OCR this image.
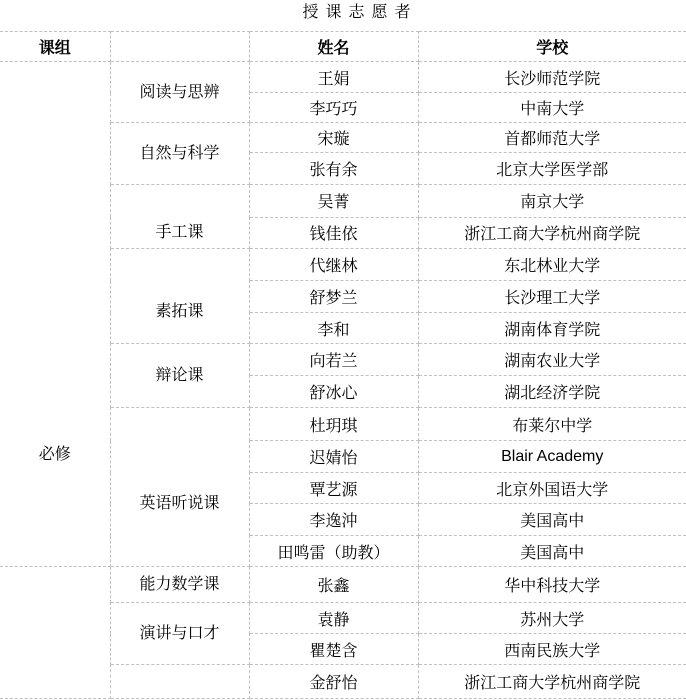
授课志愿者
课组		姓名	学校

必修	阅读与思辨	王娟	长沙师范学院
		李巧巧	中南大学

	自然与科学	宋璇	首都师范大学
		张有余	北京大学医学部

	手工课	吴菁	南京大学
		钱佳依	浙江工商大学杭州商学院

	素拓课	代继林	东北林业大学
		舒梦兰	长沙理工大学
		李和	湖南体育学院

	辩论课	向若兰	湖南农业大学
		舒冰心	湖北经济学院

	英语听说课	杜玥琪	布莱尔中学
		迟婧怡	Blair Academy
		覃艺源	北京外国语大学
		李逸沖	美国高中
		田鸣雷（助教）	美国高中

	能力数学课	张鑫	华中科技大学

	演讲与口才	袁静	苏州大学
		瞿楚含	西南民族大学

		金舒怡	浙江工商大学杭州商学院
